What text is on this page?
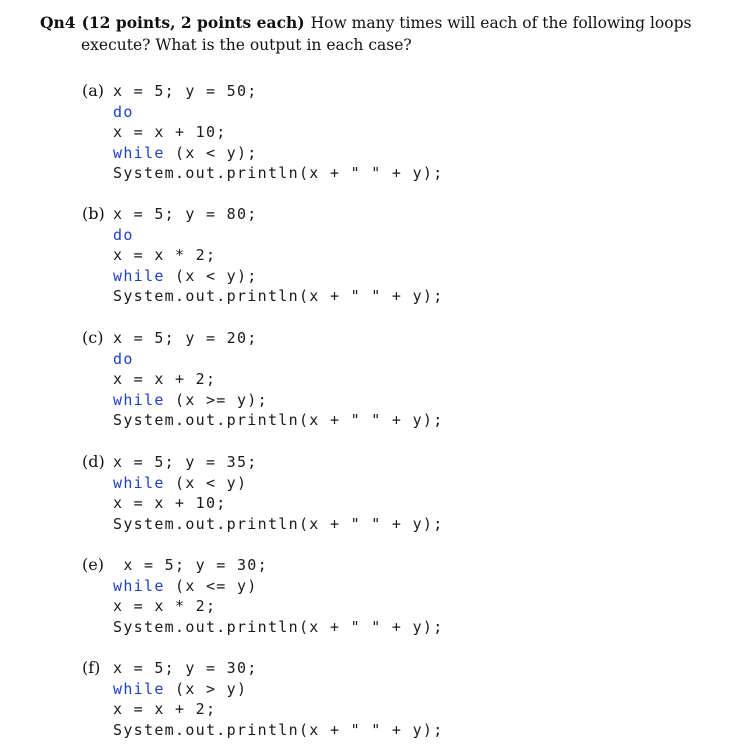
Qn4 (12 points, 2 points each) How many times will each of the following loops
execute? What is the output in each case?
(a) x = 5; y = 50;
do
x = x + 10;
while (x < y);
System.out.println(x + " " + y);
(b) x = 5; y = 80;
do
x = x * 2;
while (x < y);
System.out.println(x + " " + y);
(c) x = 5; y = 20;
do
x = x + 2;
while (x >= y);
System.out.println(x + " " + y);
(d) x = 5; y = 35;
while (x < y)
x = x + 10;
System.out.println(x + " " + y);
(e) x = 5; y = 30;
while (x <= y)
x = x * 2;
System.out.println(x + " " + y);
(f) x = 5; y = 30;
while (x > y)
x = x + 2;
System.out.println(x + " " + y);
